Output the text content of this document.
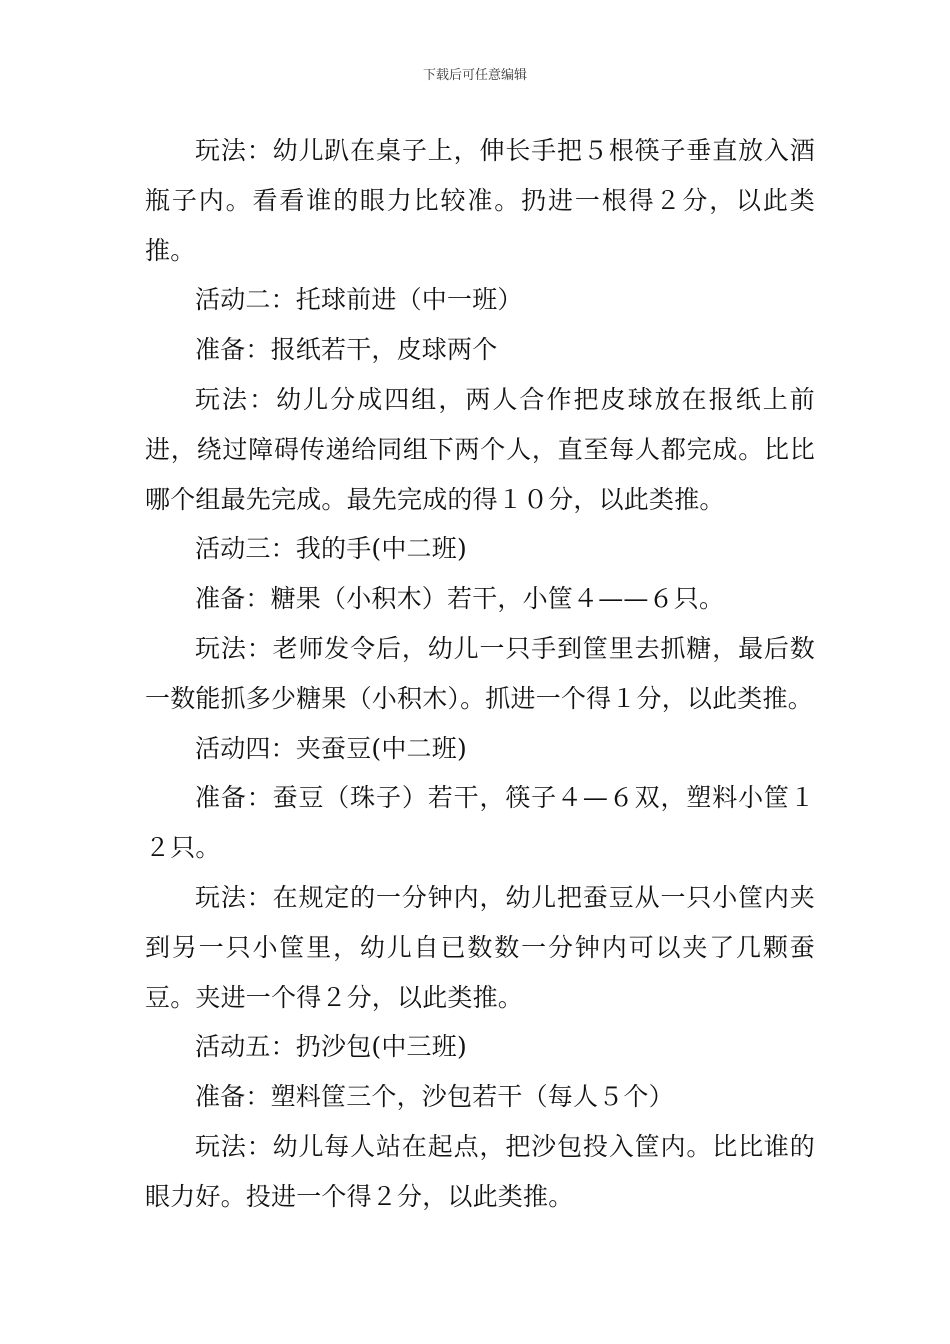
下载后可任意编辑

玩法：幼儿趴在桌子上，伸长手把５根筷子垂直放入酒瓶子内。看看谁的眼力比较准。扔进一根得２分，以此类推。

活动二：托球前进（中一班）

准备：报纸若干，皮球两个

玩法：幼儿分成四组，两人合作把皮球放在报纸上前进，绕过障碍传递给同组下两个人，直至每人都完成。比比哪个组最先完成。最先完成的得１０分，以此类推。

活动三：我的手(中二班)

准备：糖果（小积木）若干，小筐４——６只。

玩法：老师发令后，幼儿一只手到筐里去抓糖，最后数一数能抓多少糖果（小积木）。抓进一个得１分，以此类推。

活动四：夹蚕豆(中二班)

准备：蚕豆（珠子）若干，筷子４—６双，塑料小筐１２只。

玩法：在规定的一分钟内，幼儿把蚕豆从一只小筐内夹到另一只小筐里，幼儿自已数数一分钟内可以夹了几颗蚕豆。夹进一个得２分，以此类推。

活动五：扔沙包(中三班)

准备：塑料筐三个，沙包若干（每人５个）

玩法：幼儿每人站在起点，把沙包投入筐内。比比谁的眼力好。投进一个得２分，以此类推。
